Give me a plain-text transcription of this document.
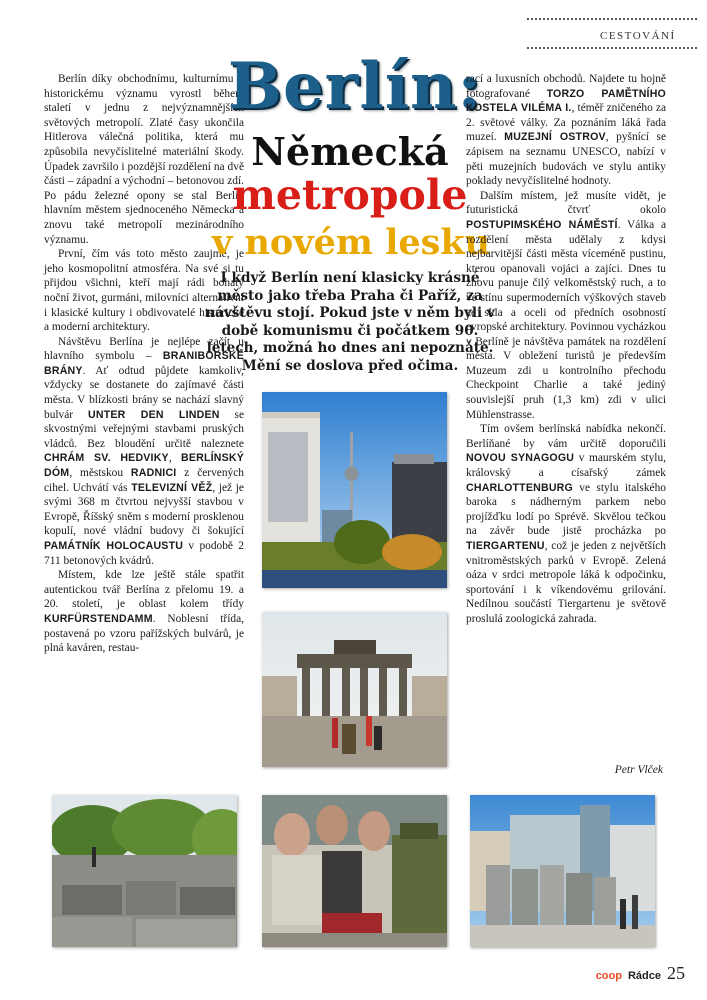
CESTOVÁNÍ

Berlín díky obchodnímu, kulturnímu a historickému významu vyrostl během staletí v jednu z nejvýznamnějších světových metropolí. Zlaté časy ukončila Hitlerova válečná politika, která mu způsobila nevyčíslitelné materiální škody. Úpadek završilo i pozdější rozdělení na dvě části – západní a východní – betonovou zdí. Po pádu železné opony se stal Berlín hlavním městem sjednoceného Německa a znovu také metropolí mezinárodního významu.

První, čím vás toto město zaujme, je jeho kosmopolitní atmosféra. Na své si tu přijdou všichni, kteří mají rádi bohatý noční život, gurmáni, milovníci alternativní i klasické kultury i obdivovatelé historické a moderní architektury.

Návštěvu Berlína je nejlépe začít u hlavního symbolu – BRANIBORSKÉ BRÁNY. Ať odtud půjdete kamkoliv, vždycky se dostanete do zajímavé části města. V blízkosti brány se nachází slavný bulvár UNTER DEN LINDEN se skvostnými veřejnými stavbami pruských vládců. Bez bloudění určitě naleznete CHRÁM SV. HEDVIKY, BERLÍNSKÝ DÓM, městskou RADNICI z červených cihel. Uchvátí vás TELEVIZNÍ VĚŽ, jež je svými 368 m čtvrtou nejvyšší stavbou v Evropě, Říšský sněm s moderní prosklenou kopulí, nové vládní budovy či šokující PAMÁTNÍK HOLOCAUSTU v podobě 2 711 betonových kvádrů.

Místem, kde lze ještě stále spatřit autentickou tvář Berlína z přelomu 19. a 20. století, je oblast kolem třídy KURFÜRSTENDAMM. Noblesní třída, postavená po vzoru pařížských bulvárů, je plná kaváren, restau-

Berlín:
Německá
metropole
v novém lesku
I když Berlín není klasicky krásné město jako třeba Praha či Paříž, za návštěvu stojí. Pokud jste v něm byli v době komunismu či počátkem 90. letech, možná ho dnes ani nepoznáte. Mění se doslova před očima.

rací a luxusních obchodů. Najdete tu hojně fotografované TORZO PAMĚTNÍHO KOSTELA VILÉMA I., téměř zničeného za 2. světové války. Za poznáním láká řada muzeí. MUZEJNÍ OSTROV, pyšnící se zápisem na seznamu UNESCO, nabízí v pěti muzejních budovách ve stylu antiky poklady nevyčíslitelné hodnoty.

Dalším místem, jež musíte vidět, je futuristická čtvrť okolo POSTUPIMSKÉHO NÁMĚSTÍ. Válka a rozdělení města udělaly z kdysi nejbarvitější části města víceméně pustinu, kterou opanovali vojáci a zajíci. Dnes tu znovu panuje čilý velkoměstský ruch, a to ve stínu supermoderních výškových staveb ze skla a oceli od předních osobností evropské architektury. Povinnou vycházkou v Berlíně je návštěva památek na rozdělení města. V obležení turistů je především Muzeum zdi u kontrolního přechodu Checkpoint Charlie a také jediný souvislejší pruh (1,3 km) zdi v ulici Mühlenstrasse.

Tím ovšem berlínská nabídka nekončí. Berlíňané by vám určitě doporučili NOVOU SYNAGOGU v maurském stylu, královský a císařský zámek CHARLOTTENBURG ve stylu italského baroka s nádherným parkem nebo projížďku lodí po Sprévě. Skvělou tečkou na závěr bude jistě procházka po TIERGARTENU, což je jeden z největších vnitroměstských parků v Evropě. Zelená oáza v srdci metropole láká k odpočinku, sportování i k víkendovému grilování. Nedílnou součástí Tiergartenu je světově proslulá zoologická zahrada.

Petr Vlček
coop Rádce 25
